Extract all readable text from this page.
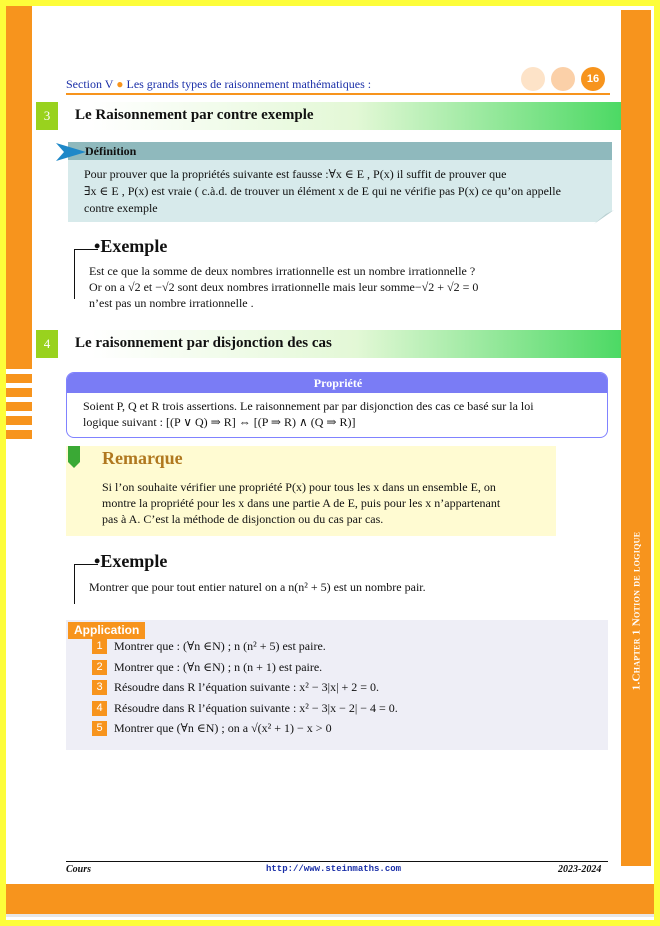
1.Chapter 1 Notion de logique
Section V ● Les grands types de raisonnement mathématiques :	16
3	Le Raisonnement par contre exemple
Définition
Pour prouver que la propriétés suivante est fausse :∀x ∈ E , P(x) il suffit de prouver que
∃x ∈ E , P(x) est vraie ( c.à.d. de trouver un élément x de E qui ne vérifie pas P(x) ce qu’on appelle
contre exemple
•Exemple
Est ce que la somme de deux nombres irrationnelle est un nombre irrationnelle ?
Or on a √2 et −√2 sont deux nombres irrationnelle mais leur somme−√2 + √2 = 0
n’est pas un nombre irrationnelle .
4	Le raisonnement par disjonction des cas
Propriété
Soient P, Q et R trois assertions. Le raisonnement par par disjonction des cas ce basé sur la loi
logique suivant : [(P ∨ Q) ⇒ R] ⇔ [(P ⇒ R) ∧ (Q ⇒ R)]
Remarque
Si l’on souhaite vérifier une propriété P(x) pour tous les x dans un ensemble E, on
montre la propriété pour les x dans une partie A de E, puis pour les x n’appartenant
pas à A. C’est la méthode de disjonction ou du cas par cas.
•Exemple
Montrer que pour tout entier naturel on a n(n² + 5) est un nombre pair.
Application
1 Montrer que : (∀n ∈N) ; n (n² + 5) est paire.
2 Montrer que : (∀n ∈N) ; n (n + 1) est paire.
3 Résoudre dans R l’équation suivante : x² − 3|x| + 2 = 0.
4 Résoudre dans R l’équation suivante : x² − 3|x − 2| − 4 = 0.
5 Montrer que (∀n ∈N) ; on a √(x² + 1) − x > 0
Cours	http://www.steinmaths.com	2023-2024
